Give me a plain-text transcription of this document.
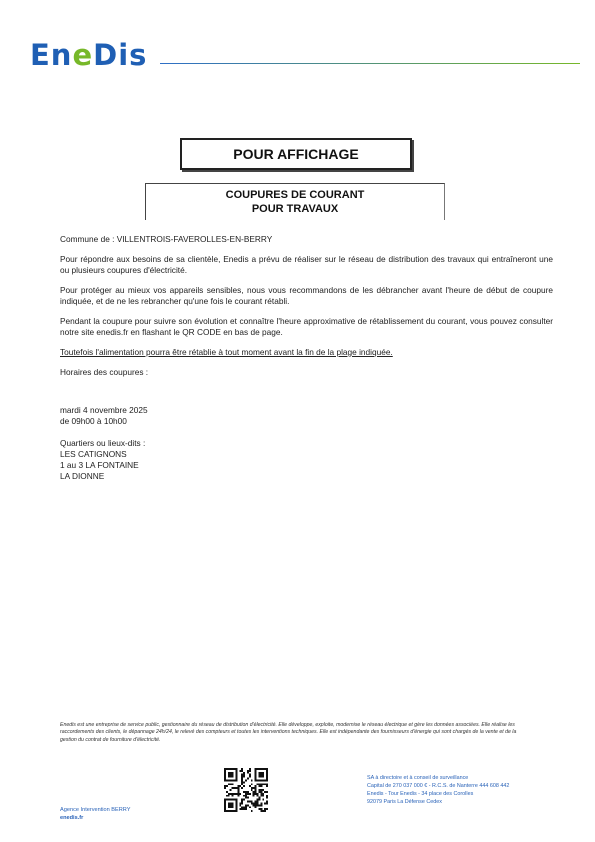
EneDis
POUR AFFICHAGE
COUPURES DE COURANT
POUR TRAVAUX

Commune de : VILLENTROIS-FAVEROLLES-EN-BERRY

Pour répondre aux besoins de sa clientèle, Enedis a prévu de réaliser sur le réseau de distribution des travaux qui entraîneront une ou plusieurs coupures d'électricité.

Pour protéger au mieux vos appareils sensibles, nous vous recommandons de les débrancher avant l'heure de début de coupure indiquée, et de ne les rebrancher qu'une fois le courant rétabli.

Pendant la coupure pour suivre son évolution et connaître l'heure approximative de rétablissement du courant, vous pouvez consulter notre site enedis.fr en flashant le QR CODE en bas de page.

Toutefois l'alimentation pourra être rétablie à tout moment avant la fin de la plage indiquée.

Horaires des coupures :

mardi 4 novembre 2025
de 09h00 à 10h00
Quartiers ou lieux-dits :
LES CATIGNONS
1 au 3 LA FONTAINE
LA DIONNE
Enedis est une entreprise de service public, gestionnaire du réseau de distribution d'électricité. Elle développe, exploite, modernise le réseau électrique et gère les données associées. Elle réalise les raccordements des clients, le dépannage 24h/24, le relevé des compteurs et toutes les interventions techniques. Elle est indépendante des fournisseurs d'énergie qui sont chargés de la vente et de la gestion du contrat de fourniture d'électricité.
Agence Intervention BERRY
enedis.fr
SA à directoire et à conseil de surveillance
Capital de 270 037 000 € - R.C.S. de Nanterre 444 608 442
Enedis - Tour Enedis - 34 place des Corolles
92079 Paris La Défense Cedex
